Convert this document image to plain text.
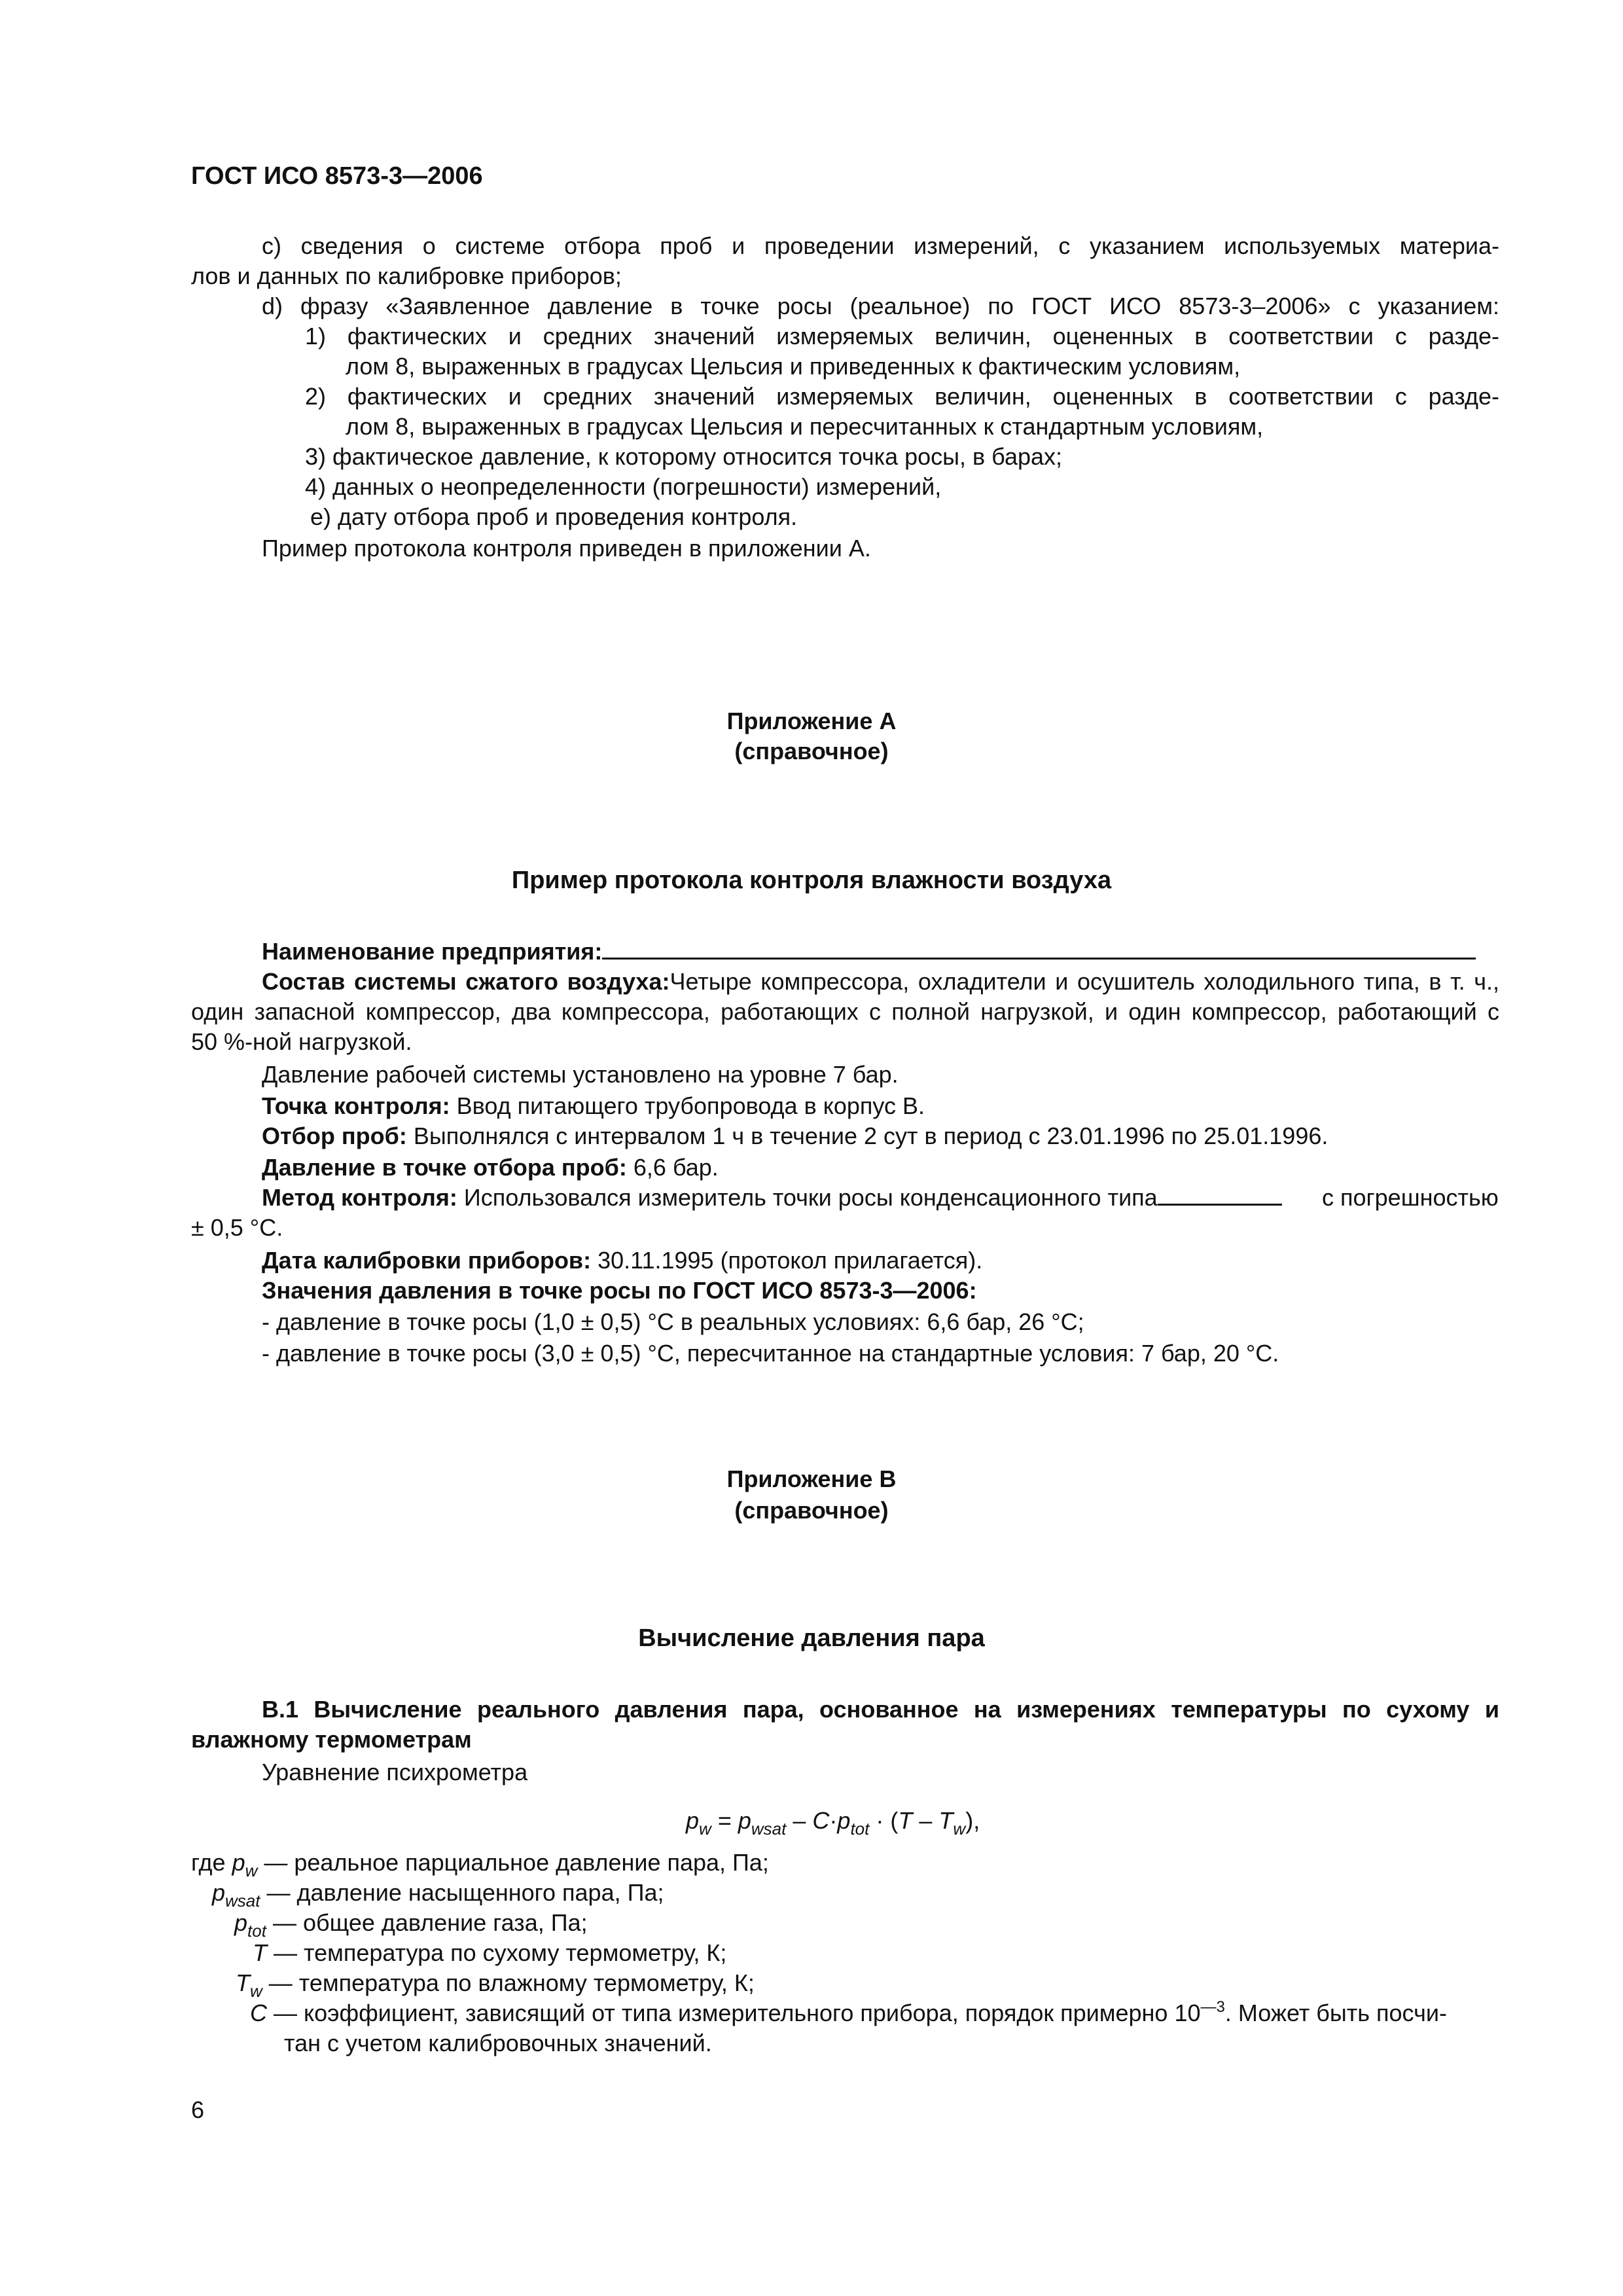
ГОСТ ИСО 8573-3—2006
с) сведения о системе отбора проб и проведении измерений, с указанием используемых материа-
лов и данных по калибровке приборов;
d) фразу «Заявленное давление в точке росы (реальное) по ГОСТ ИСО 8573-3–2006» с указанием:
1) фактических и средних значений измеряемых величин, оцененных в соответствии с разде-
лом 8, выраженных в градусах Цельсия и приведенных к фактическим условиям,
2) фактических и средних значений измеряемых величин, оцененных в соответствии с разде-
лом 8, выраженных в градусах Цельсия и пересчитанных к стандартным условиям,
3) фактическое давление, к которому относится точка росы, в барах;
4) данных о неопределенности (погрешности) измерений,
е) дату отбора проб и проведения контроля.
Пример протокола контроля приведен в приложении А.
Приложение А
(справочное)
Пример протокола контроля влажности воздуха
Наименование предприятия:
Состав системы сжатого воздуха:Четыре компрессора, охладители и осушитель холодильного типа, в т. ч.,
один запасной компрессор, два компрессора, работающих с полной нагрузкой, и один компрессор, работающий с
50 %-ной нагрузкой.
Давление рабочей системы установлено на уровне 7 бар.
Точка контроля: Ввод питающего трубопровода в корпус В.
Отбор проб: Выполнялся с интервалом 1 ч в течение 2 сут в период с 23.01.1996 по 25.01.1996.
Давление в точке отбора проб: 6,6 бар.
Метод контроля: Использовался измеритель точки росы конденсационного типа	с погрешностью
± 0,5 °С.
Дата калибровки приборов: 30.11.1995 (протокол прилагается).
Значения давления в точке росы по ГОСТ ИСО 8573-3—2006:
- давление в точке росы (1,0 ± 0,5) °С в реальных условиях: 6,6 бар, 26 °С;
- давление в точке росы (3,0 ± 0,5) °С, пересчитанное на стандартные условия: 7 бар, 20 °С.
Приложение В
(справочное)
Вычисление давления пара
В.1 Вычисление реального давления пара, основанное на измерениях температуры по сухому и
влажному термометрам
Уравнение психрометра
$p_w = p_{wsat} - C\cdot p_{tot} \cdot (T - T_w)$,
где $p_w$ — реальное парциальное давление пара, Па;
$p_{wsat}$ — давление насыщенного пара, Па;
$p_{tot}$ — общее давление газа, Па;
T — температура по сухому термометру, К;
$T_w$ — температура по влажному термометру, К;
C — коэффициент, зависящий от типа измерительного прибора, порядок примерно $10^{—3}$. Может быть посчи-
тан с учетом калибровочных значений.
6
